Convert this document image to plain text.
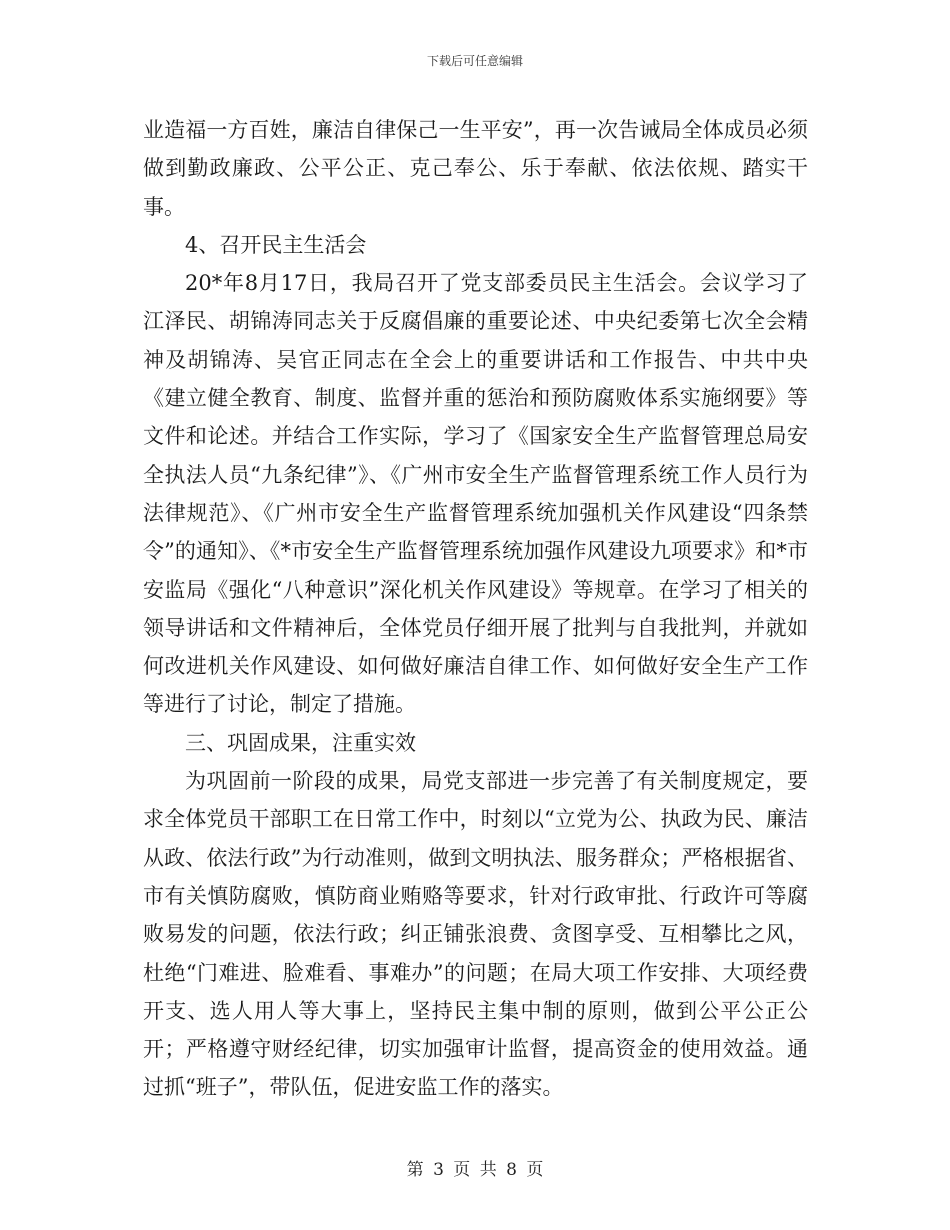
下载后可任意编辑

业造福一方百姓，廉洁自律保己一生平安”，再一次告诫局全体成员必须做到勤政廉政、公平公正、克己奉公、乐于奉献、依法依规、踏实干事。

4、召开民主生活会

20*年8月17日，我局召开了党支部委员民主生活会。会议学习了江泽民、胡锦涛同志关于反腐倡廉的重要论述、中央纪委第七次全会精神及胡锦涛、吴官正同志在全会上的重要讲话和工作报告、中共中央《建立健全教育、制度、监督并重的惩治和预防腐败体系实施纲要》等文件和论述。并结合工作实际，学习了《国家安全生产监督管理总局安全执法人员“九条纪律”》、《广州市安全生产监督管理系统工作人员行为法律规范》、《广州市安全生产监督管理系统加强机关作风建设“四条禁令”的通知》、《*市安全生产监督管理系统加强作风建设九项要求》和*市安监局《强化“八种意识”深化机关作风建设》等规章。在学习了相关的领导讲话和文件精神后，全体党员仔细开展了批判与自我批判，并就如何改进机关作风建设、如何做好廉洁自律工作、如何做好安全生产工作等进行了讨论，制定了措施。

三、巩固成果，注重实效

为巩固前一阶段的成果，局党支部进一步完善了有关制度规定，要求全体党员干部职工在日常工作中，时刻以“立党为公、执政为民、廉洁从政、依法行政”为行动准则，做到文明执法、服务群众；严格根据省、市有关慎防腐败，慎防商业贿赂等要求，针对行政审批、行政许可等腐败易发的问题，依法行政；纠正铺张浪费、贪图享受、互相攀比之风，杜绝“门难进、脸难看、事难办”的问题；在局大项工作安排、大项经费开支、选人用人等大事上，坚持民主集中制的原则，做到公平公正公开；严格遵守财经纪律，切实加强审计监督，提高资金的使用效益。通过抓“班子”，带队伍，促进安监工作的落实。

第 3 页 共 8 页
